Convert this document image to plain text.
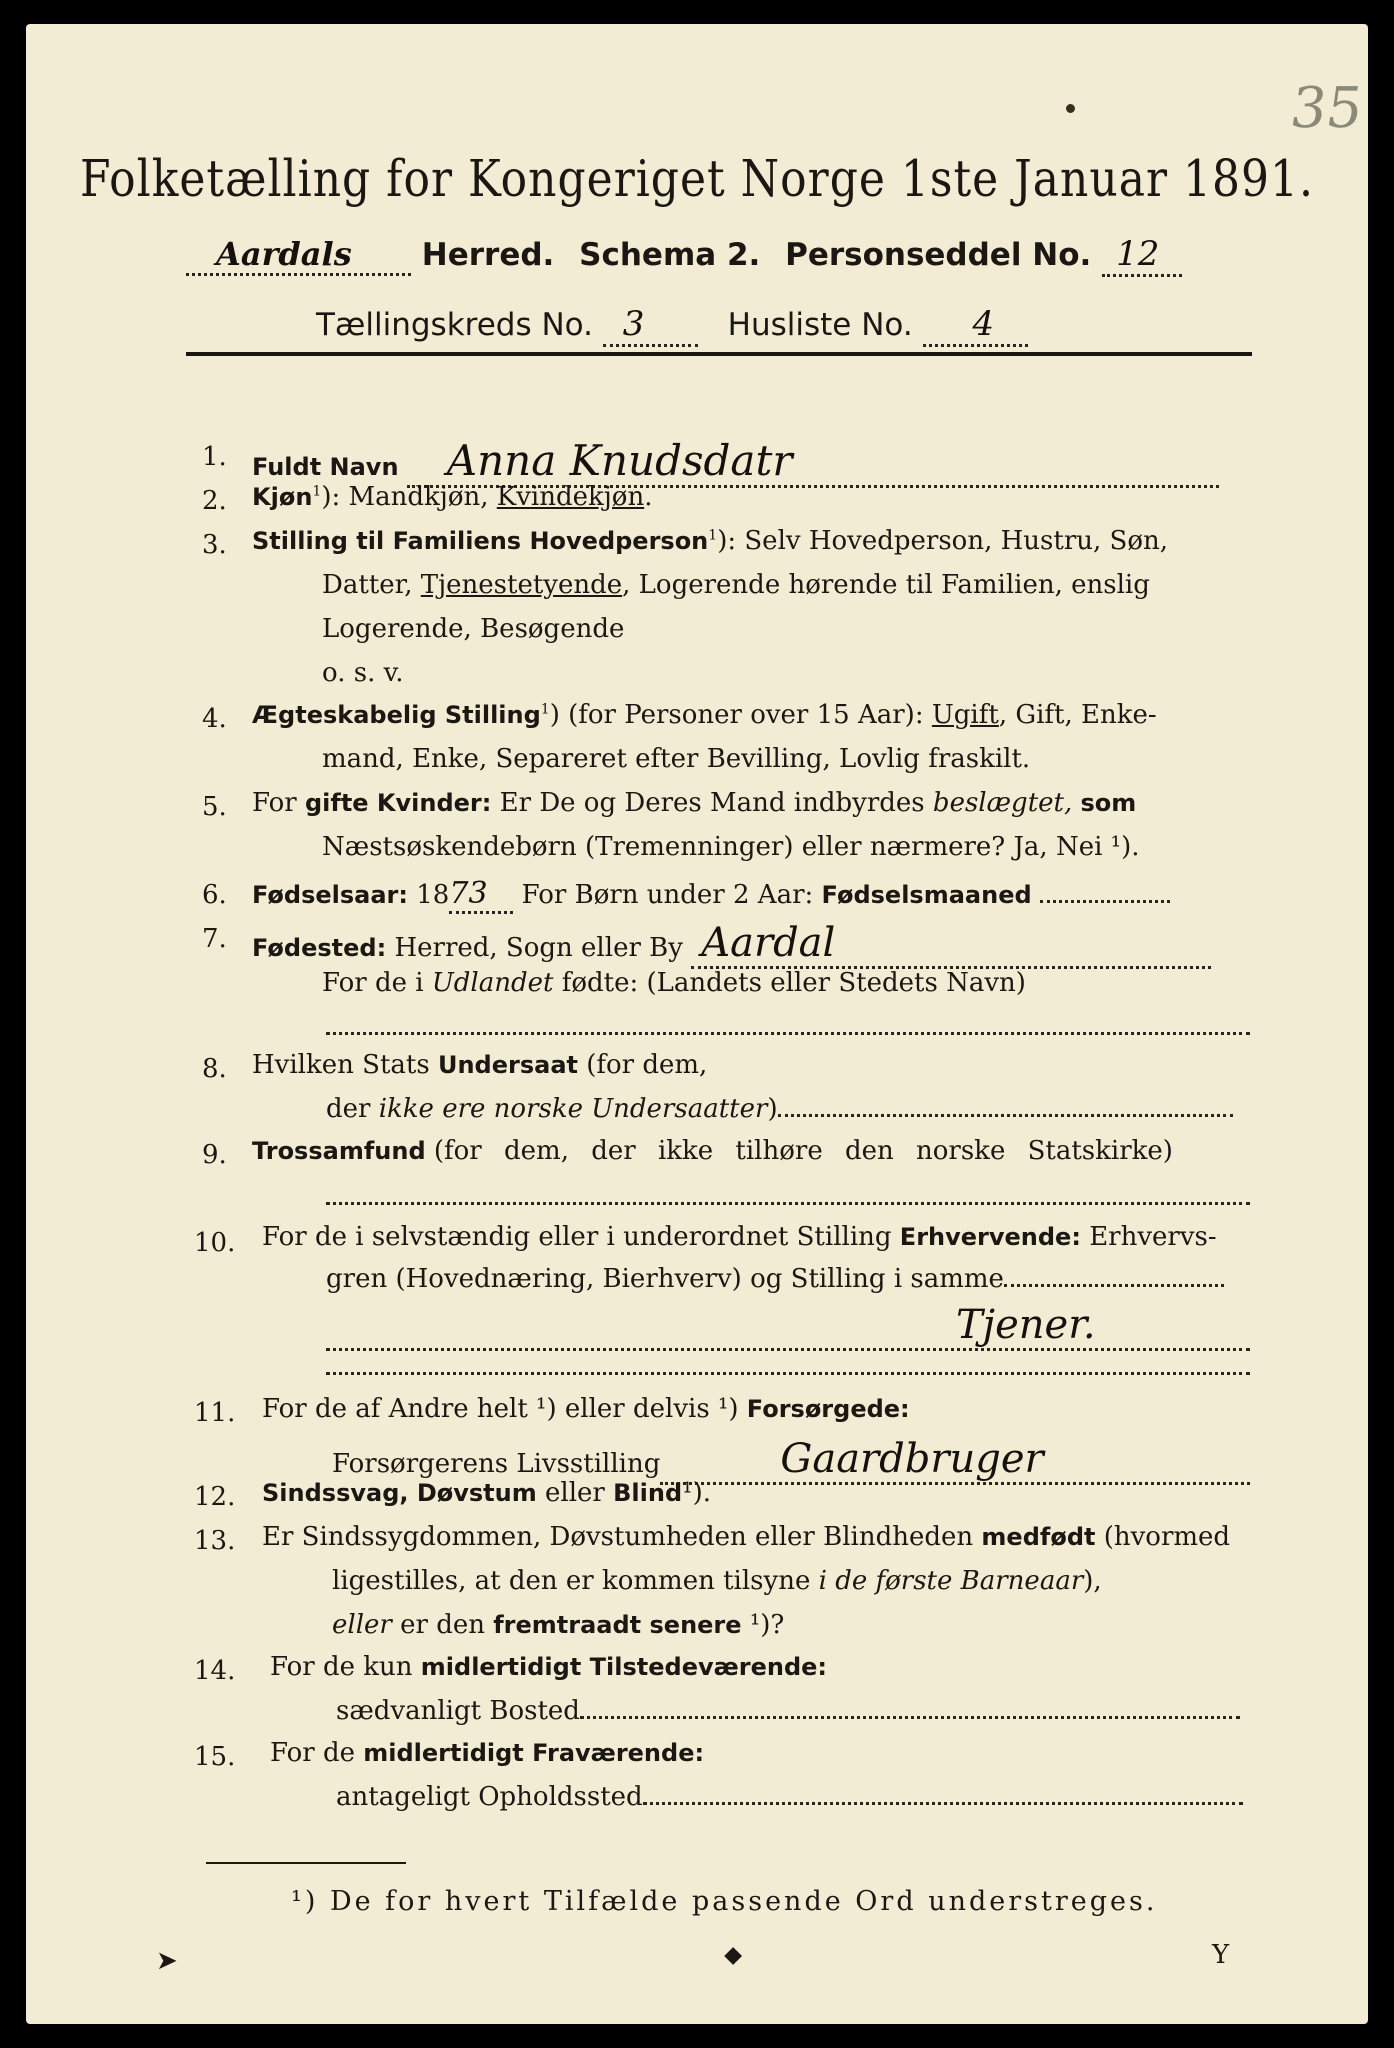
35
Folketælling for Kongeriget Norge 1ste Januar 1891.
Aardals Herred. Schema 2. Personseddel No. 12
Tællingskreds No. 3	Husliste No. 4
1. Fuldt Navn Anna Knudsdatr
2. Kjøn$^1$): Mandkjøn, Kvindekjøn.
3. Stilling til Familiens Hovedperson$^1$): Selv Hovedperson, Hustru, Søn,
Datter, Tjenestetyende, Logerende hørende til Familien, enslig
Logerende, Besøgende
o. s. v.
4. Ægteskabelig Stilling$^1$) (for Personer over 15 Aar): Ugift, Gift, Enke-
mand, Enke, Separeret efter Bevilling, Lovlig fraskilt.
5. For gifte Kvinder: Er De og Deres Mand indbyrdes beslægtet, som
Næstsøskendebørn (Tremenninger) eller nærmere? Ja, Nei ¹).
6. Fødselsaar: 1873 For Børn under 2 Aar: Fødselsmaaned
7. Fødested: Herred, Sogn eller By Aardal
For de i Udlandet fødte: (Landets eller Stedets Navn)

8. Hvilken Stats Undersaat (for dem,
der ikke ere norske Undersaatter)
9. Trossamfund (for dem, der ikke tilhøre den norske Statskirke)

10. For de i selvstændig eller i underordnet Stilling Erhvervende: Erhvervs-
gren (Hovednæring, Bierhverv) og Stilling i samme
Tjener.

11. For de af Andre helt ¹) eller delvis ¹) Forsørgede:
Forsørgerens Livsstilling	Gaardbruger
12. Sindssvag, Døvstum eller Blind¹).
13. Er Sindssygdommen, Døvstumheden eller Blindheden medfødt (hvormed
ligestilles, at den er kommen tilsyne i de første Barneaar),
eller er den fremtraadt senere ¹)?
14. For de kun midlertidigt Tilstedeværende:
sædvanligt Bosted
15. For de midlertidigt Fraværende:
antageligt Opholdssted
¹) De for hvert Tilfælde passende Ord understreges.
➤	⬥	Y
